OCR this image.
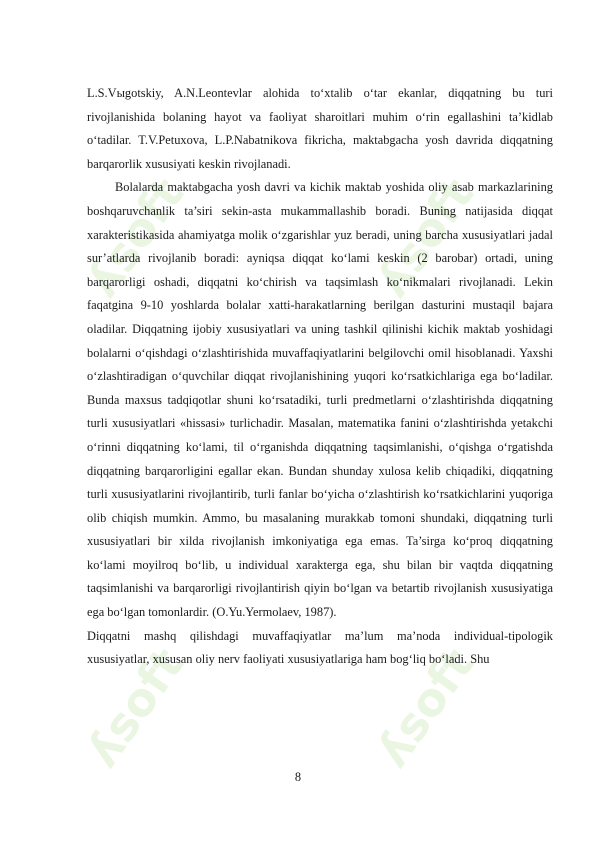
ʎsoft	ʎsoft
ʎsoft	ʎsoft

L.S.Vыgotskiy, A.N.Leontevlar alohida to‘xtalib o‘tar ekanlar, diqqatning bu turi rivojlanishida bolaning hayot va faoliyat sharoitlari muhim o‘rin egallashini ta’kidlab o‘tadilar. T.V.Petuxova, L.P.Nabatnikova fikricha, maktabgacha yosh davrida diqqatning barqarorlik xususiyati keskin rivojlanadi.

Bolalarda maktabgacha yosh davri va kichik maktab yoshida oliy asab markazlarining boshqaruvchanlik ta’siri sekin-asta mukammallashib boradi. Buning natijasida diqqat xarakteristikasida ahamiyatga molik o‘zgarishlar yuz beradi, uning barcha xususiyatlari jadal sur’atlarda rivojlanib boradi: ayniqsa diqqat ko‘lami keskin (2 barobar) ortadi, uning barqarorligi oshadi, diqqatni ko‘chirish va taqsimlash ko‘nikmalari rivojlanadi. Lekin faqatgina 9-10 yoshlarda bolalar xatti-harakatlarning berilgan dasturini mustaqil bajara oladilar. Diqqatning ijobiy xususiyatlari va uning tashkil qilinishi kichik maktab yoshidagi bolalarni o‘qishdagi o‘zlashtirishida muvaffaqiyatlarini belgilovchi omil hisoblanadi. Yaxshi o‘zlashtiradigan o‘quvchilar diqqat rivojlanishining yuqori ko‘rsatkichlariga ega bo‘ladilar. Bunda maxsus tadqiqotlar shuni ko‘rsatadiki, turli predmetlarni o‘zlashtirishda diqqatning turli xususiyatlari «hissasi» turlichadir. Masalan, matematika fanini o‘zlashtirishda yetakchi o‘rinni diqqatning ko‘lami, til o‘rganishda diqqatning taqsimlanishi, o‘qishga o‘rgatishda diqqatning barqarorligini egallar ekan. Bundan shunday xulosa kelib chiqadiki, diqqatning turli xususiyatlarini rivojlantirib, turli fanlar bo‘yicha o‘zlashtirish ko‘rsatkichlarini yuqoriga olib chiqish mumkin. Ammo, bu masalaning murakkab tomoni shundaki, diqqatning turli xususiyatlari bir xilda rivojlanish imkoniyatiga ega emas. Ta’sirga ko‘proq diqqatning ko‘lami moyilroq bo‘lib, u individual xarakterga ega, shu bilan bir vaqtda diqqatning taqsimlanishi va barqarorligi rivojlantirish qiyin bo‘lgan va betartib rivojlanish xususiyatiga ega bo‘lgan tomonlardir. (O.Yu.Yermolaev, 1987).

Diqqatni mashq qilishdagi muvaffaqiyatlar ma’lum ma’noda individual-tipologik xususiyatlar, xususan oliy nerv faoliyati xususiyatlariga ham bog‘liq bo‘ladi. Shu

8
